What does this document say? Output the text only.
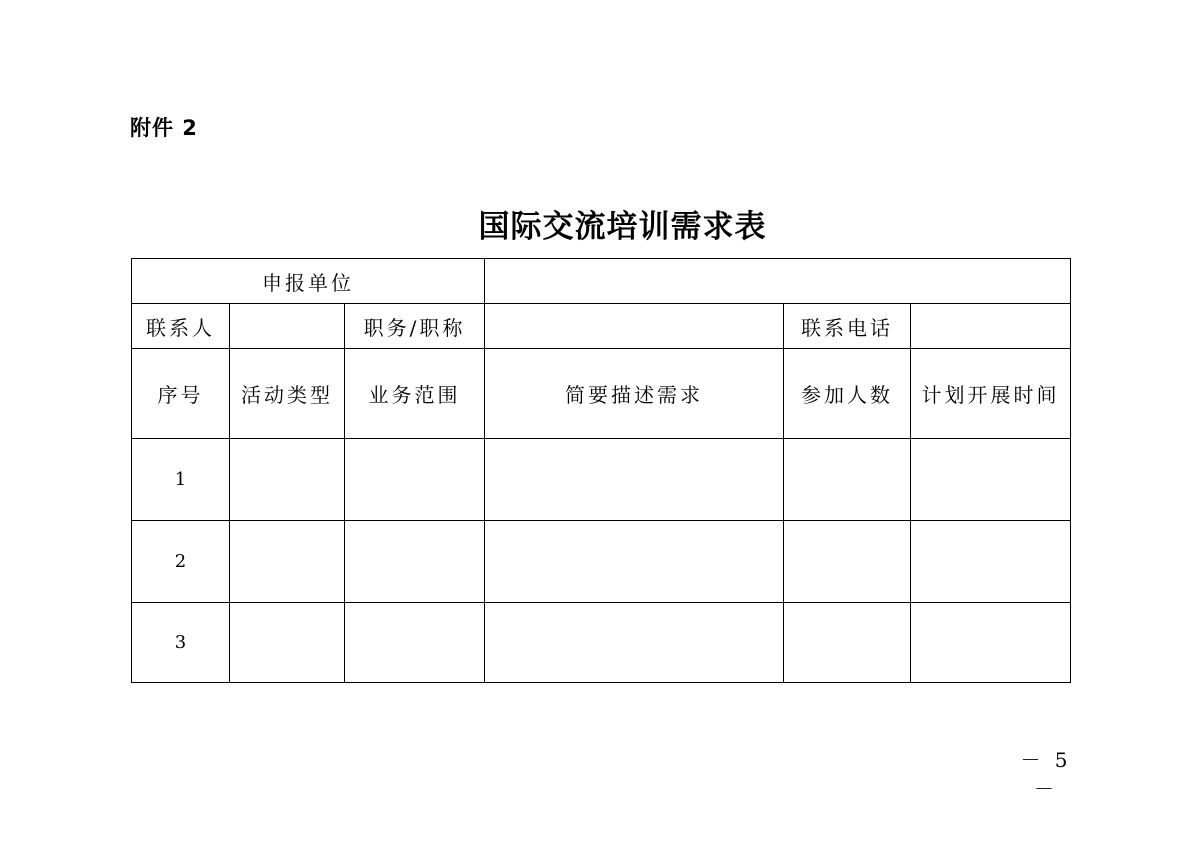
附件 2
国际交流培训需求表
申报单位					
联系人		职务/职称		联系电话	
序号	活动类型	业务范围	简要描述需求	参加人数	计划开展时间
1					
2					
3					
－ 5 －
